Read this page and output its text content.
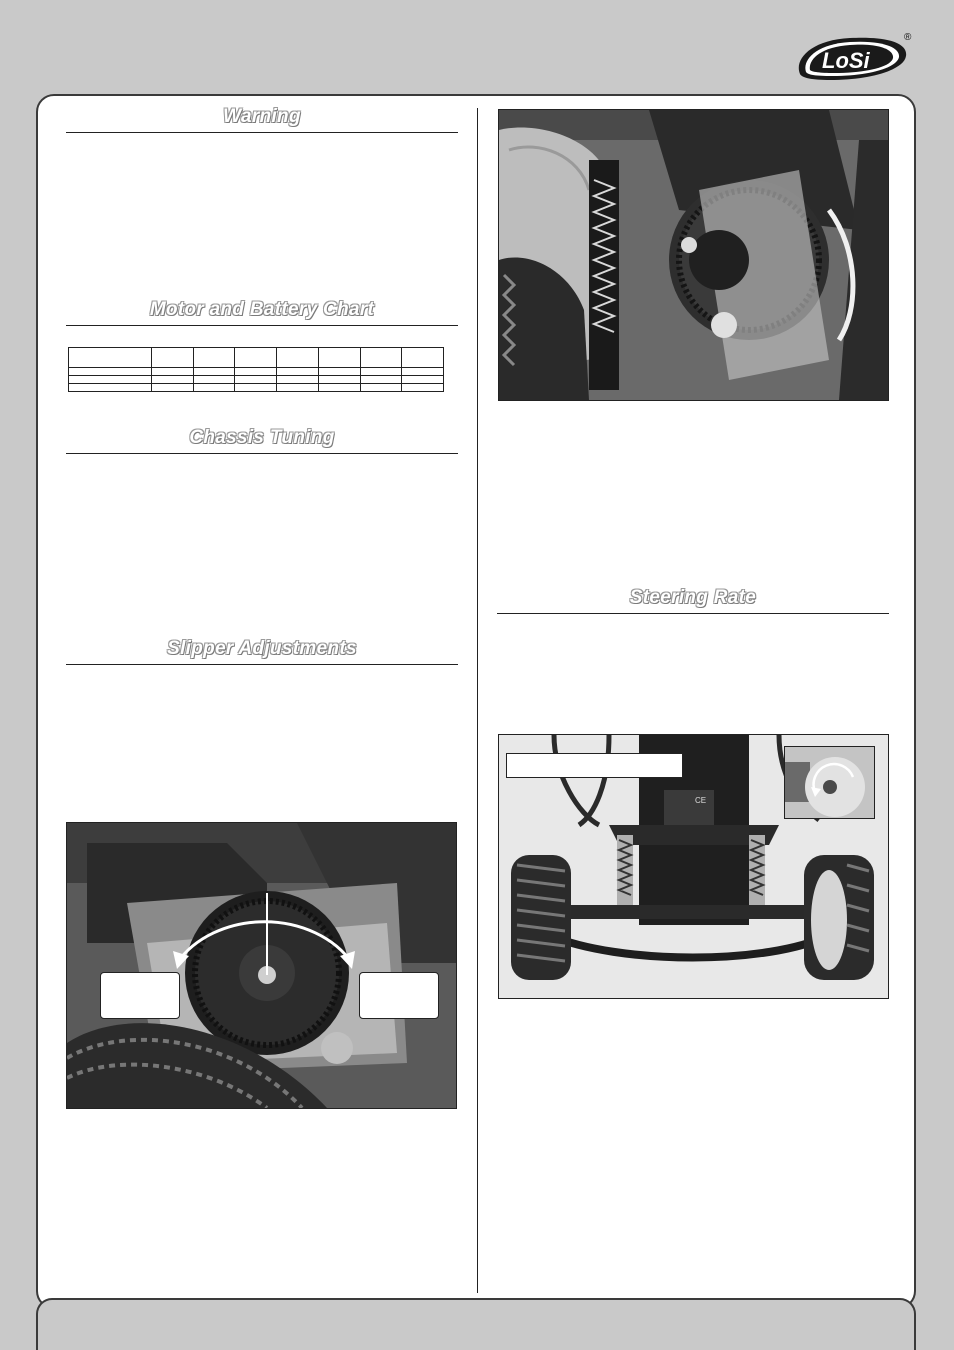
LoSi
®
Warning
Motor and Battery Chart

Chassis Tuning
Slipper Adjustments
Steering Rate
CE
